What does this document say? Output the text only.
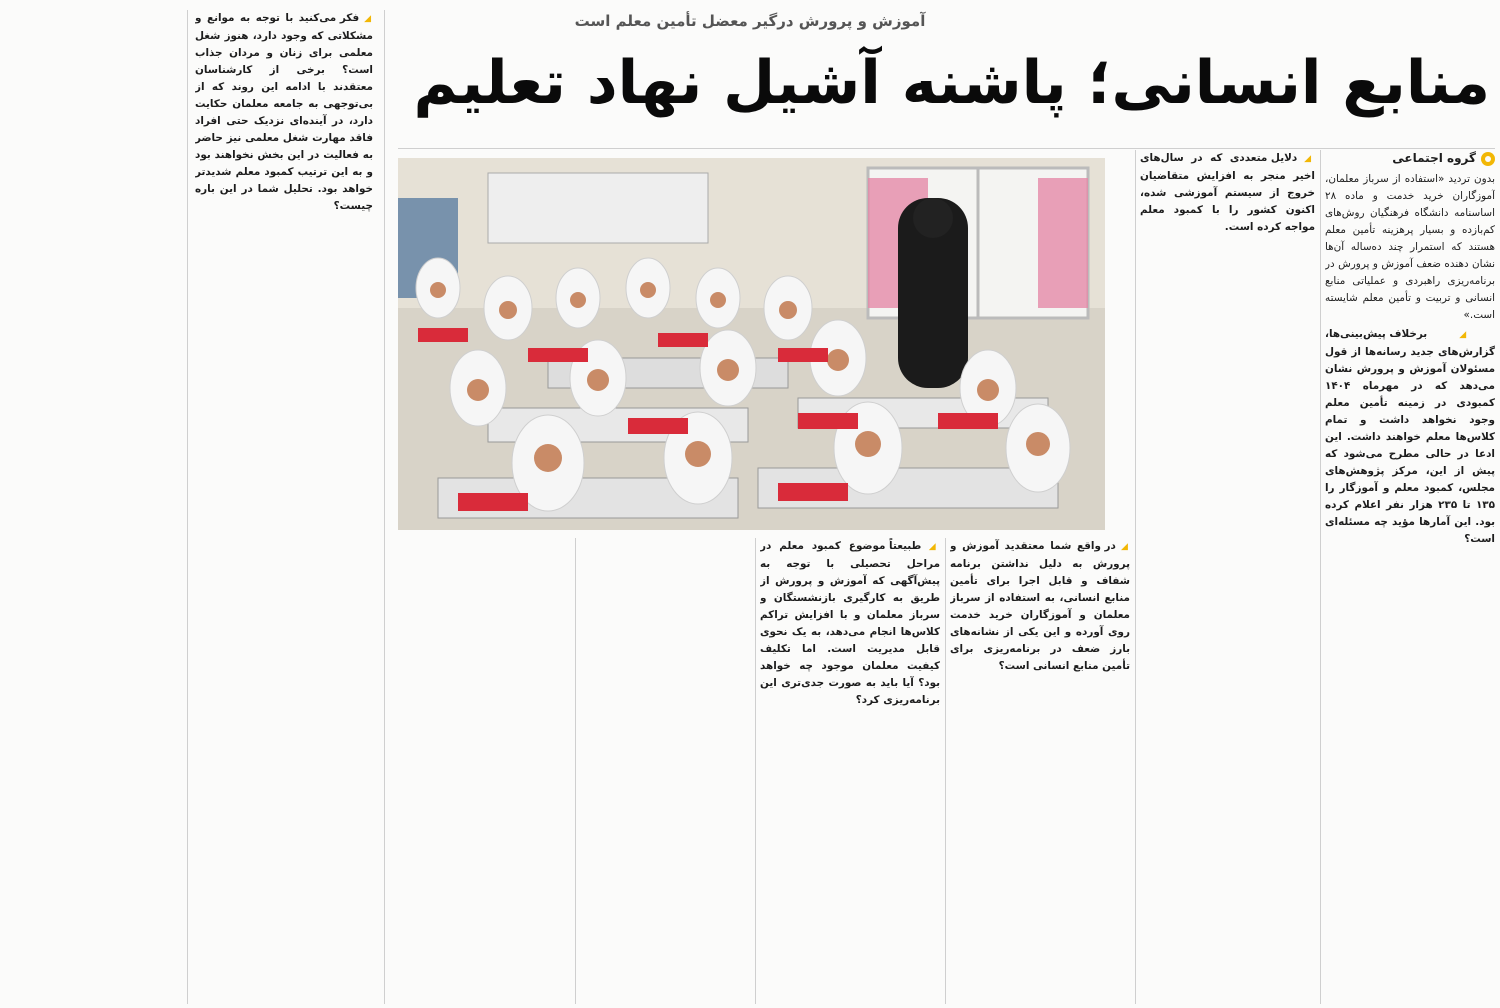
◢ فکر می‌کنید با توجه به موانع و مشکلاتی که وجود دارد، هنوز شغل معلمی برای زنان و مردان جذاب است؟ برخی از کارشناسان معتقدند با ادامه این روند که از بی‌توجهی به جامعه معلمان حکایت دارد، در آینده‌ای نزدیک حتی افراد فاقد مهارت شغل معلمی نیز حاضر به فعالیت در این بخش نخواهند بود و به این ترتیب کمبود معلم شدیدتر خواهد بود. تحلیل شما در این باره چیست؟

آموزش و پرورش درگیر معضل تأمین معلم است
منابع انسانی؛ پاشنه آشیل نهاد تعلیم
گروه اجتماعی

بدون تردید «استفاده از سرباز معلمان، آموزگاران خرید خدمت و ماده ۲۸ اساسنامه دانشگاه فرهنگیان روش‌های کم‌بازده و بسیار پرهزینه تأمین معلم هستند که استمرار چند ده‌ساله آن‌ها نشان دهنده ضعف آموزش و پرورش در برنامه‌ریزی راهبردی و عملیاتی منابع انسانی و تربیت و تأمین معلم شایسته است.»

◢ برخلاف پیش‌بینی‌ها، گزارش‌های جدید رسانه‌ها از قول مسئولان آموزش و پرورش نشان می‌دهد که در مهرماه ۱۴۰۴ کمبودی در زمینه تأمین معلم وجود نخواهد داشت و تمام کلاس‌ها معلم خواهند داشت. این ادعا در حالی مطرح می‌شود که پیش از این، مرکز پژوهش‌های مجلس، کمبود معلم و آموزگار را ۱۳۵ تا ۲۳۵ هزار نفر اعلام کرده بود. این آمارها مؤید چه مسئله‌ای است؟

◢ دلایل متعددی که در سال‌های اخیر منجر به افزایش متقاضیان خروج از سیستم آموزشی شده، اکنون کشور را با کمبود معلم مواجه کرده است.

◢ در واقع شما معتقدید آموزش و پرورش به دلیل نداشتن برنامه شفاف و قابل اجرا برای تأمین منابع انسانی، به استفاده از سرباز معلمان و آموزگاران خرید خدمت روی آورده و این یکی از نشانه‌های بارز ضعف در برنامه‌ریزی برای تأمین منابع انسانی است؟

◢ طبیعتاً موضوع کمبود معلم در مراحل تحصیلی با توجه به پیش‌آگهی که آموزش و پرورش از طریق به کارگیری بازنشستگان و سرباز معلمان و با افزایش تراکم کلاس‌ها انجام می‌دهد، به یک نحوی قابل مدیریت است. اما تکلیف کیفیت معلمان موجود چه خواهد بود؟ آیا باید به صورت جدی‌تری این برنامه‌ریزی کرد؟
